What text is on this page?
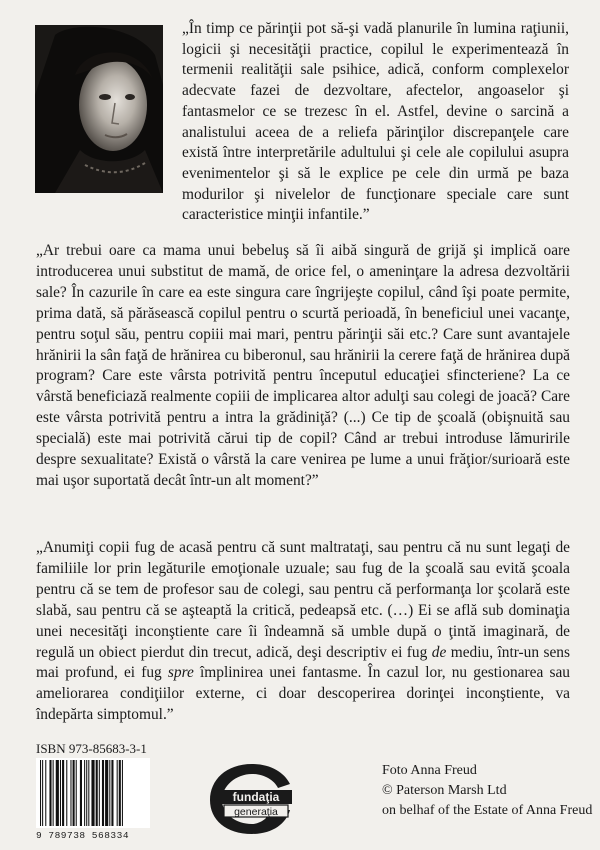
„În timp ce părinţii pot să-şi vadă planurile în lumina raţiunii, logicii şi necesităţii practice, copilul le experimentează în termenii realităţii sale psihice, adică, conform complexelor adecvate fazei de dezvoltare, afectelor, angoaselor şi fantasmelor ce se trezesc în el. Astfel, devine o sarcină a analistului aceea de a reliefa părinţilor discrepanţele care există între interpretările adultului şi cele ale copilului asupra evenimentelor şi să le explice pe cele din urmă pe baza modurilor şi nivelelor de funcţionare speciale care sunt caracteristice minţii infantile.”

„Ar trebui oare ca mama unui bebeluş să îi aibă singură de grijă şi implică oare introducerea unui substitut de mamă, de orice fel, o ameninţare la adresa dezvoltării sale? În cazurile în care ea este singura care îngrijeşte copilul, când îşi poate permite, prima dată, să părăsească copilul pentru o scurtă perioadă, în beneficiul unei vacanţe, pentru soţul său, pentru copiii mai mari, pentru părinţii săi etc.? Care sunt avantajele hrănirii la sân faţă de hrănirea cu biberonul, sau hrănirii la cerere faţă de hrănirea după program? Care este vârsta potrivită pentru începutul educaţiei sfincteriene? La ce vârstă beneficiază realmente copiii de implicarea altor adulţi sau colegi de joacă? Care este vârsta potrivită pentru a intra la grădiniţă? (...) Ce tip de şcoală (obişnuită sau specială) este mai potrivită cărui tip de copil? Când ar trebui introduse lămuririle despre sexualitate? Există o vârstă la care venirea pe lume a unui frăţior/surioară este mai uşor suportată decât într-un alt moment?”

„Anumiţi copii fug de acasă pentru că sunt maltrataţi, sau pentru că nu sunt legaţi de familiile lor prin legăturile emoţionale uzuale; sau fug de la şcoală sau evită şcoala pentru că se tem de profesor sau de colegi, sau pentru că performanţa lor şcolară este slabă, sau pentru că se aşteaptă la critică, pedeapsă etc. (…) Ei se află sub dominaţia unei necesităţi inconştiente care îi îndeamnă să umble după o ţintă imaginară, de regulă un obiect pierdut din trecut, adică, deşi descriptiv ei fug de mediu, într-un sens mai profund, ei fug spre împlinirea unei fantasme. În cazul lor, nu gestionarea sau ameliorarea condiţiilor externe, ci doar descoperirea dorinţei inconştiente, va îndepărta simptomul.”

ISBN 973-85683-3-1

9 789738 568334

fundaţia
generaţia
Foto Anna Freud
© Paterson Marsh Ltd
on belhaf of the Estate of Anna Freud
